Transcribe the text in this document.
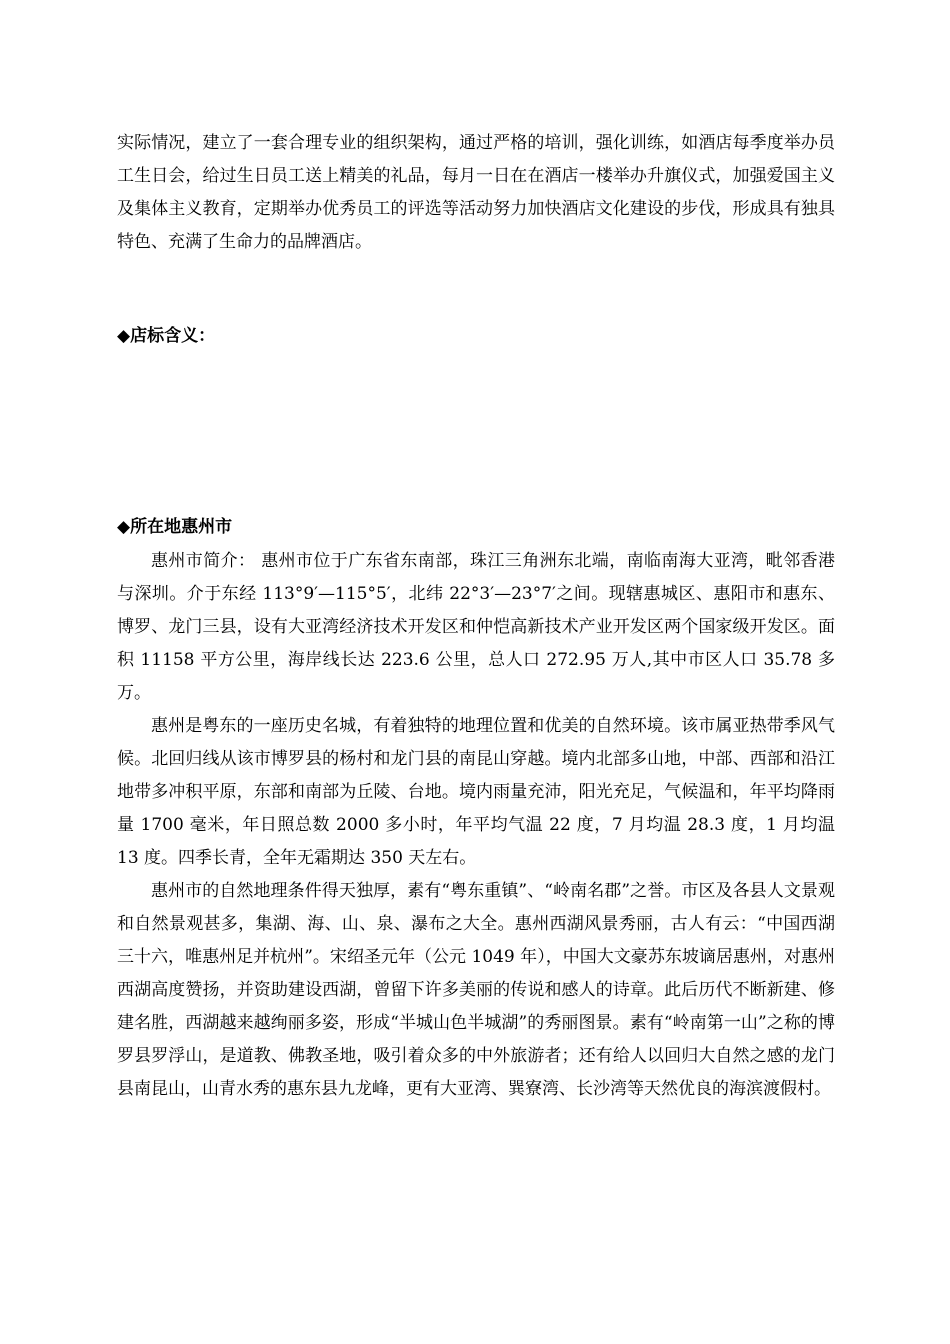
实际情况，建立了一套合理专业的组织架构，通过严格的培训，强化训练，如酒店每季度举办员工生日会，给过生日员工送上精美的礼品，每月一日在在酒店一楼举办升旗仪式，加强爱国主义及集体主义教育，定期举办优秀员工的评选等活动努力加快酒店文化建设的步伐，形成具有独具特色、充满了生命力的品牌酒店。

◆店标含义：
◆所在地惠州市

惠州市简介： 惠州市位于广东省东南部，珠江三角洲东北端，南临南海大亚湾，毗邻香港与深圳。介于东经 113°9′—115°5′，北纬 22°3′—23°7′之间。现辖惠城区、惠阳市和惠东、博罗、龙门三县，设有大亚湾经济技术开发区和仲恺高新技术产业开发区两个国家级开发区。面积 11158 平方公里，海岸线长达 223.6 公里，总人口 272.95 万人,其中市区人口 35.78 多万。

惠州是粤东的一座历史名城，有着独特的地理位置和优美的自然环境。该市属亚热带季风气候。北回归线从该市博罗县的杨村和龙门县的南昆山穿越。境内北部多山地，中部、西部和沿江地带多冲积平原，东部和南部为丘陵、台地。境内雨量充沛，阳光充足，气候温和，年平均降雨量 1700 毫米，年日照总数 2000 多小时，年平均气温 22 度，7 月均温 28.3 度，1 月均温 13 度。四季长青，全年无霜期达 350 天左右。

惠州市的自然地理条件得天独厚，素有“粤东重镇”、“岭南名郡”之誉。市区及各县人文景观和自然景观甚多，集湖、海、山、泉、瀑布之大全。惠州西湖风景秀丽，古人有云：“中国西湖三十六，唯惠州足并杭州”。宋绍圣元年（公元 1049 年），中国大文豪苏东坡谪居惠州，对惠州西湖高度赞扬，并资助建设西湖，曾留下许多美丽的传说和感人的诗章。此后历代不断新建、修建名胜，西湖越来越绚丽多姿，形成“半城山色半城湖”的秀丽图景。素有“岭南第一山”之称的博罗县罗浮山，是道教、佛教圣地，吸引着众多的中外旅游者；还有给人以回归大自然之感的龙门县南昆山，山青水秀的惠东县九龙峰，更有大亚湾、巽寮湾、长沙湾等天然优良的海滨渡假村。
